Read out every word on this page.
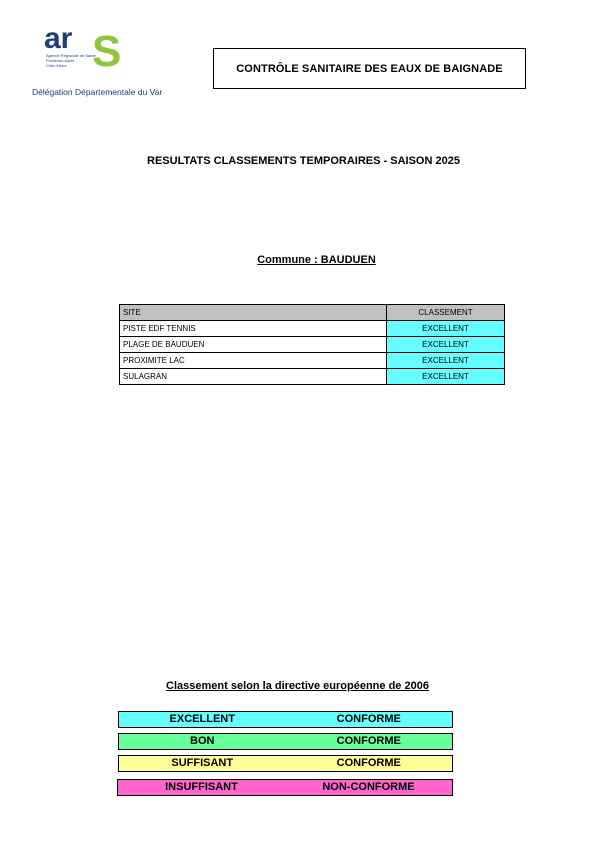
ar S
Agence Régionale de Santé
Provence-Alpes
Côte d'Azur
Délégation Départementale du Var
CONTRÔLE SANITAIRE DES EAUX DE BAIGNADE
RESULTATS CLASSEMENTS TEMPORAIRES - SAISON 2025
Commune : BAUDUEN
SITE	CLASSEMENT
PISTE EDF TENNIS	EXCELLENT
PLAGE DE BAUDUEN	EXCELLENT
PROXIMITE LAC	EXCELLENT
SULAGRAN	EXCELLENT
Classement selon la directive européenne de 2006
EXCELLENT	CONFORME
BON	CONFORME
SUFFISANT	CONFORME
INSUFFISANT	NON-CONFORME
